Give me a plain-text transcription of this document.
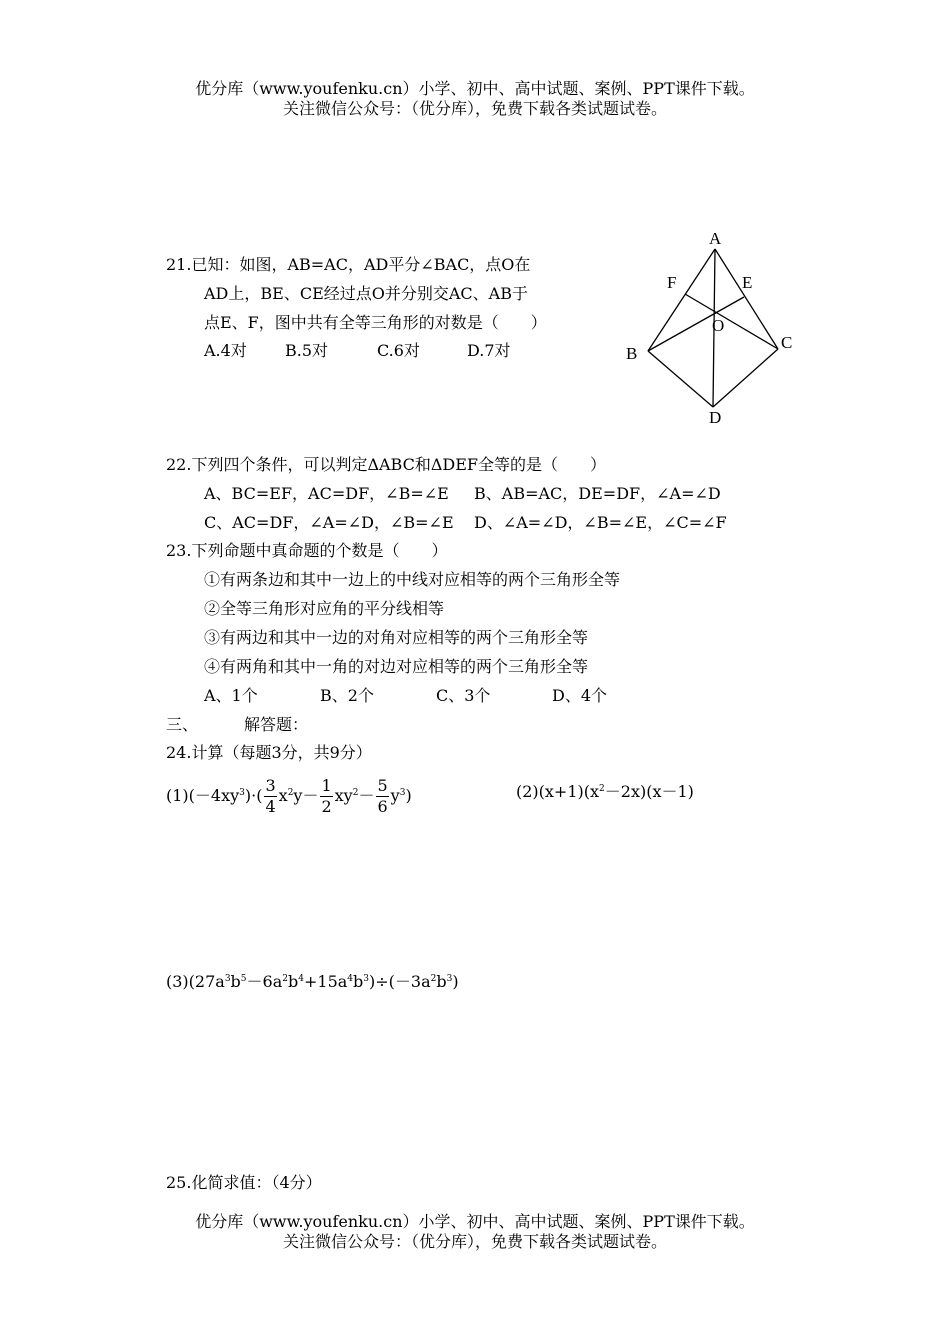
优分库（www.youfenku.cn）小学、初中、高中试题、案例、PPT课件下载。
关注微信公众号：（优分库），免费下载各类试题试卷。
21.已知：如图，AB=AC，AD平分∠BAC，点O在
AD上，BE、CE经过点O并分别交AC、AB于
点E、F，图中共有全等三角形的对数是（　　）
A.4对 B.5对	C.6对	D.7对
A
B
C
D
E
F
O
22.下列四个条件，可以判定ΔABC和ΔDEF全等的是（　　）
A、BC=EF，AC=DF，∠B=∠E B、AB=AC，DE=DF，∠A=∠D
C、AC=DF，∠A=∠D，∠B=∠E D、∠A=∠D，∠B=∠E，∠C=∠F
23.下列命题中真命题的个数是（　　）
①有两条边和其中一边上的中线对应相等的两个三角形全等
②全等三角形对应角的平分线相等
③有两边和其中一边的对角对应相等的两个三角形全等
④有两角和其中一角的对边对应相等的两个三角形全等
A、1个	B、2个	C、3个	D、4个
三、	解答题：
24.计算（每题3分，共9分）
$(1)(-4xy^3)\cdot( \frac{3}{4} x^2y- \frac{1}{2} xy^2- \frac{5}{6} y^3)$	$(2)(x+1)(x^2-2x)(x-1)$
$(3)(27a^3b^5-6a^2b^4+15a^4b^3)\div(-3a^2b^3)$
25.化简求值：（4分）
优分库（www.youfenku.cn）小学、初中、高中试题、案例、PPT课件下载。
关注微信公众号：（优分库），免费下载各类试题试卷。
